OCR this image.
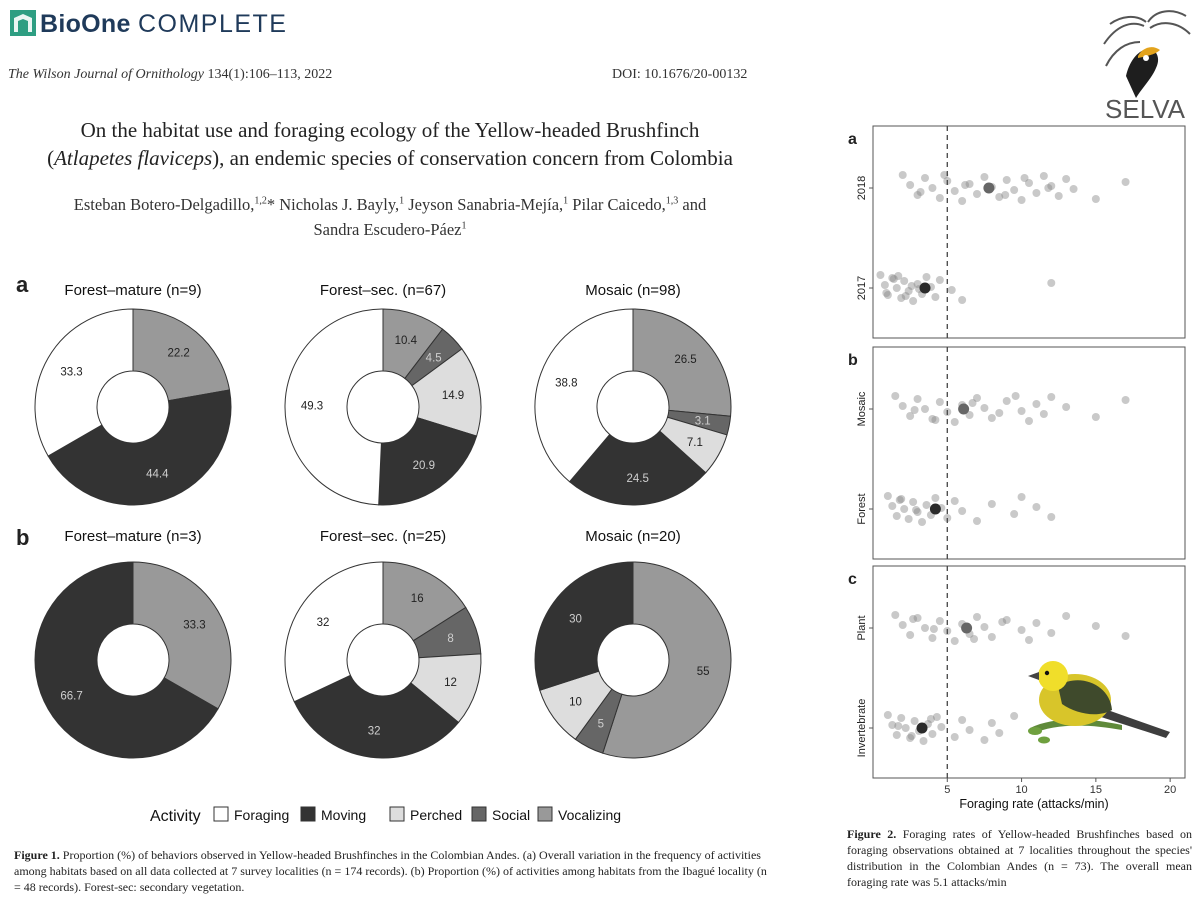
BioOne COMPLETE
The Wilson Journal of Ornithology 134(1):106–113, 2022	DOI: 10.1676/20-00132
On the habitat use and foraging ecology of the Yellow-headed Brushfinch
(Atlapetes flaviceps), an endemic species of conservation concern from Colombia
Esteban Botero-Delgadillo,$^{1,2}$* Nicholas J. Bayly,$^1$ Jeyson Sanabria-Mejía,$^1$ Pilar Caicedo,$^{1,3}$ and
Sandra Escudero-Páez$^1$
a
b
Forest–mature (n=9)
22.2
44.4
33.3
Forest–sec. (n=67)
10.4
4.5
14.9
20.9
49.3
Mosaic (n=98)
26.5
3.1
7.1
24.5
38.8
Forest–mature (n=3)
33.3
66.7
Forest–sec. (n=25)
16
8
12
32
32
Mosaic (n=20)
55
5
10
30
Activity Foraging Moving	Perched Social Vocalizing
Figure 1. Proportion (%) of behaviors observed in Yellow-headed Brushfinches in the Colombian Andes. (a) Overall variation in the frequency of activities among habitats based on all data collected at 7 survey localities (n = 174 records). (b) Proportion (%) of activities among habitats from the Ibagué locality (n = 48 records). Forest-sec: secondary vegetation.
SELVA
a
2018
2017
b
Mosaic
Forest
c
Plant
Invertebrate
5	10	15	20
Foraging rate (attacks/min)
Figure 2. Foraging rates of Yellow-headed Brushfinches based on foraging observations obtained at 7 localities throughout the species' distribution in the Colombian Andes (n = 73). The overall mean foraging rate was 5.1 attacks/min
